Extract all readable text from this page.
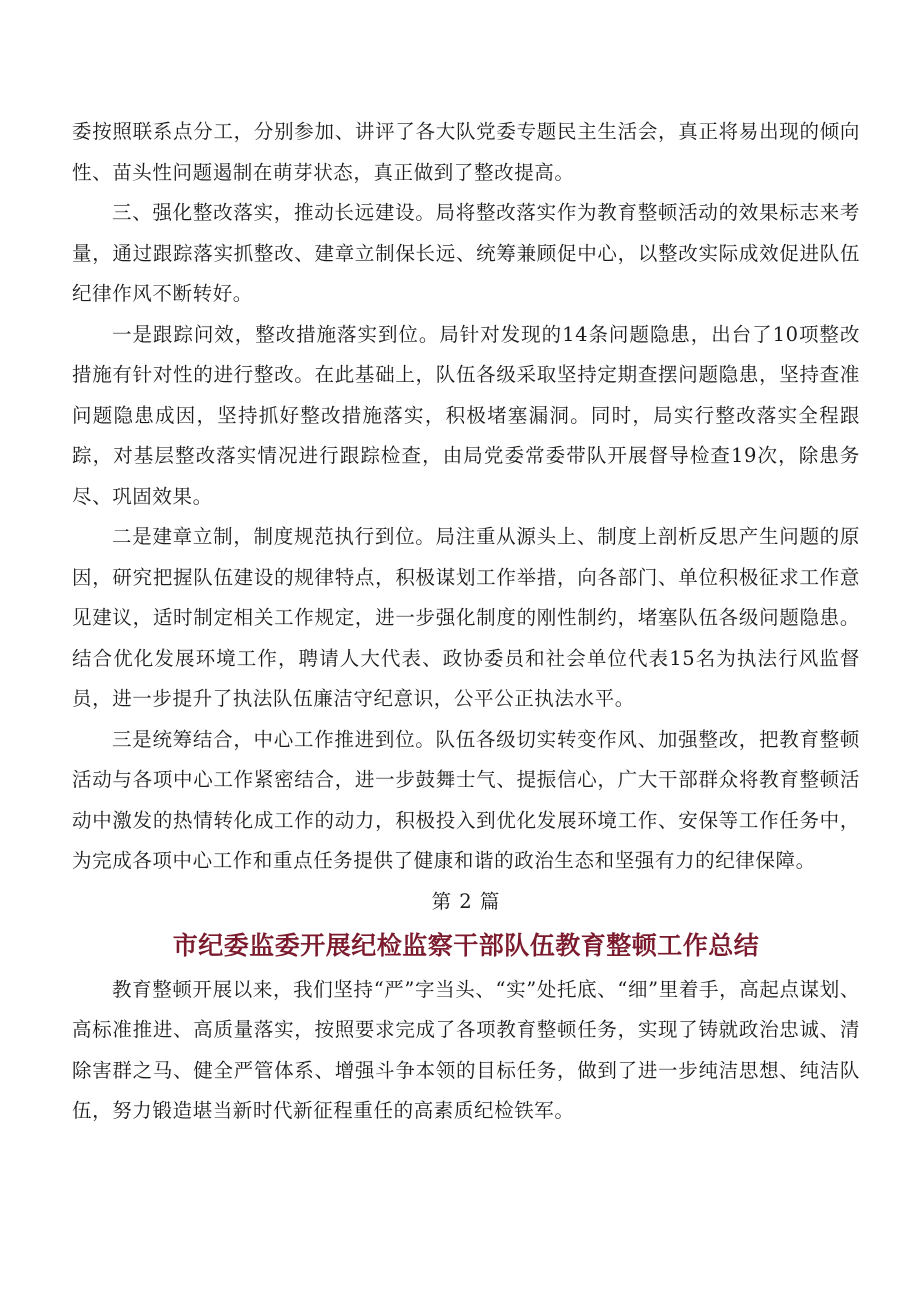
委按照联系点分工，分别参加、讲评了各大队党委专题民主生活会，真正将易出现的倾向性、苗头性问题遏制在萌芽状态，真正做到了整改提高。

三、强化整改落实，推动长远建设。局将整改落实作为教育整顿活动的效果标志来考量，通过跟踪落实抓整改、建章立制保长远、统筹兼顾促中心，以整改实际成效促进队伍纪律作风不断转好。

一是跟踪问效，整改措施落实到位。局针对发现的14条问题隐患，出台了10项整改措施有针对性的进行整改。在此基础上，队伍各级采取坚持定期查摆问题隐患，坚持查准问题隐患成因，坚持抓好整改措施落实，积极堵塞漏洞。同时，局实行整改落实全程跟踪，对基层整改落实情况进行跟踪检查，由局党委常委带队开展督导检查19次，除患务尽、巩固效果。

二是建章立制，制度规范执行到位。局注重从源头上、制度上剖析反思产生问题的原因，研究把握队伍建设的规律特点，积极谋划工作举措，向各部门、单位积极征求工作意见建议，适时制定相关工作规定，进一步强化制度的刚性制约，堵塞队伍各级问题隐患。结合优化发展环境工作，聘请人大代表、政协委员和社会单位代表15名为执法行风监督员，进一步提升了执法队伍廉洁守纪意识，公平公正执法水平。

三是统筹结合，中心工作推进到位。队伍各级切实转变作风、加强整改，把教育整顿活动与各项中心工作紧密结合，进一步鼓舞士气、提振信心，广大干部群众将教育整顿活动中激发的热情转化成工作的动力，积极投入到优化发展环境工作、安保等工作任务中，为完成各项中心工作和重点任务提供了健康和谐的政治生态和坚强有力的纪律保障。

第 2 篇

市纪委监委开展纪检监察干部队伍教育整顿工作总结

教育整顿开展以来，我们坚持“严”字当头、“实”处托底、“细”里着手，高起点谋划、高标准推进、高质量落实，按照要求完成了各项教育整顿任务，实现了铸就政治忠诚、清除害群之马、健全严管体系、增强斗争本领的目标任务，做到了进一步纯洁思想、纯洁队伍，努力锻造堪当新时代新征程重任的高素质纪检铁军。
